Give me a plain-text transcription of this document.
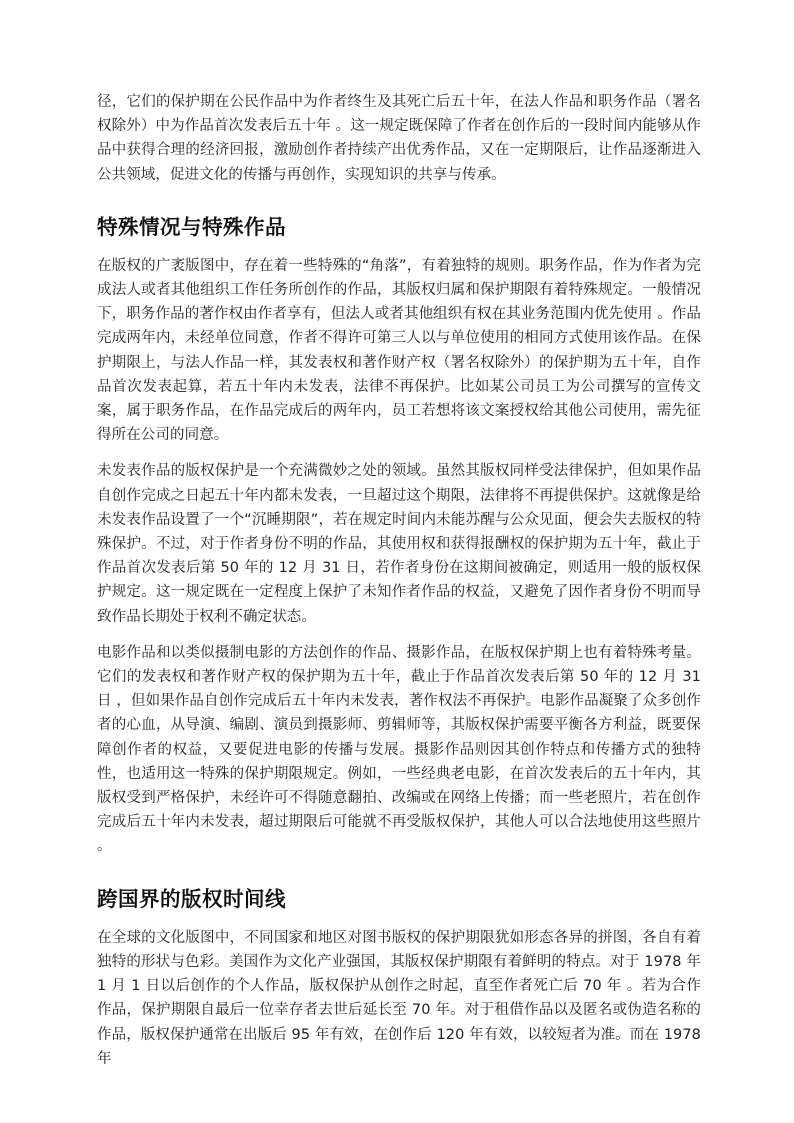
径，它们的保护期在公民作品中为作者终生及其死亡后五十年，在法人作品和职务作品（署名权除外）中为作品首次发表后五十年 。这一规定既保障了作者在创作后的一段时间内能够从作品中获得合理的经济回报，激励创作者持续产出优秀作品，又在一定期限后，让作品逐渐进入公共领域，促进文化的传播与再创作，实现知识的共享与传承。

特殊情况与特殊作品

在版权的广袤版图中，存在着一些特殊的“角落”，有着独特的规则。职务作品，作为作者为完成法人或者其他组织工作任务所创作的作品，其版权归属和保护期限有着特殊规定。一般情况下，职务作品的著作权由作者享有，但法人或者其他组织有权在其业务范围内优先使用 。作品完成两年内，未经单位同意，作者不得许可第三人以与单位使用的相同方式使用该作品。在保护期限上，与法人作品一样，其发表权和著作财产权（署名权除外）的保护期为五十年，自作品首次发表起算，若五十年内未发表，法律不再保护。比如某公司员工为公司撰写的宣传文案，属于职务作品，在作品完成后的两年内，员工若想将该文案授权给其他公司使用，需先征得所在公司的同意。

未发表作品的版权保护是一个充满微妙之处的领域。虽然其版权同样受法律保护，但如果作品自创作完成之日起五十年内都未发表，一旦超过这个期限，法律将不再提供保护。这就像是给未发表作品设置了一个“沉睡期限”，若在规定时间内未能苏醒与公众见面，便会失去版权的特殊保护。不过，对于作者身份不明的作品，其使用权和获得报酬权的保护期为五十年，截止于作品首次发表后第 50 年的 12 月 31 日，若作者身份在这期间被确定，则适用一般的版权保护规定。这一规定既在一定程度上保护了未知作者作品的权益，又避免了因作者身份不明而导致作品长期处于权利不确定状态。

电影作品和以类似摄制电影的方法创作的作品、摄影作品，在版权保护期上也有着特殊考量。它们的发表权和著作财产权的保护期为五十年，截止于作品首次发表后第 50 年的 12 月 31 日 ，但如果作品自创作完成后五十年内未发表，著作权法不再保护。电影作品凝聚了众多创作者的心血，从导演、编剧、演员到摄影师、剪辑师等，其版权保护需要平衡各方利益，既要保障创作者的权益，又要促进电影的传播与发展。摄影作品则因其创作特点和传播方式的独特性，也适用这一特殊的保护期限规定。例如，一些经典老电影，在首次发表后的五十年内，其版权受到严格保护，未经许可不得随意翻拍、改编或在网络上传播；而一些老照片，若在创作完成后五十年内未发表，超过期限后可能就不再受版权保护，其他人可以合法地使用这些照片 。

跨国界的版权时间线

在全球的文化版图中，不同国家和地区对图书版权的保护期限犹如形态各异的拼图，各自有着独特的形状与色彩。美国作为文化产业强国，其版权保护期限有着鲜明的特点。对于 1978 年 1 月 1 日以后创作的个人作品，版权保护从创作之时起，直至作者死亡后 70 年 。若为合作作品，保护期限自最后一位幸存者去世后延长至 70 年。对于租借作品以及匿名或伪造名称的作品，版权保护通常在出版后 95 年有效，在创作后 120 年有效，以较短者为准。而在 1978 年
